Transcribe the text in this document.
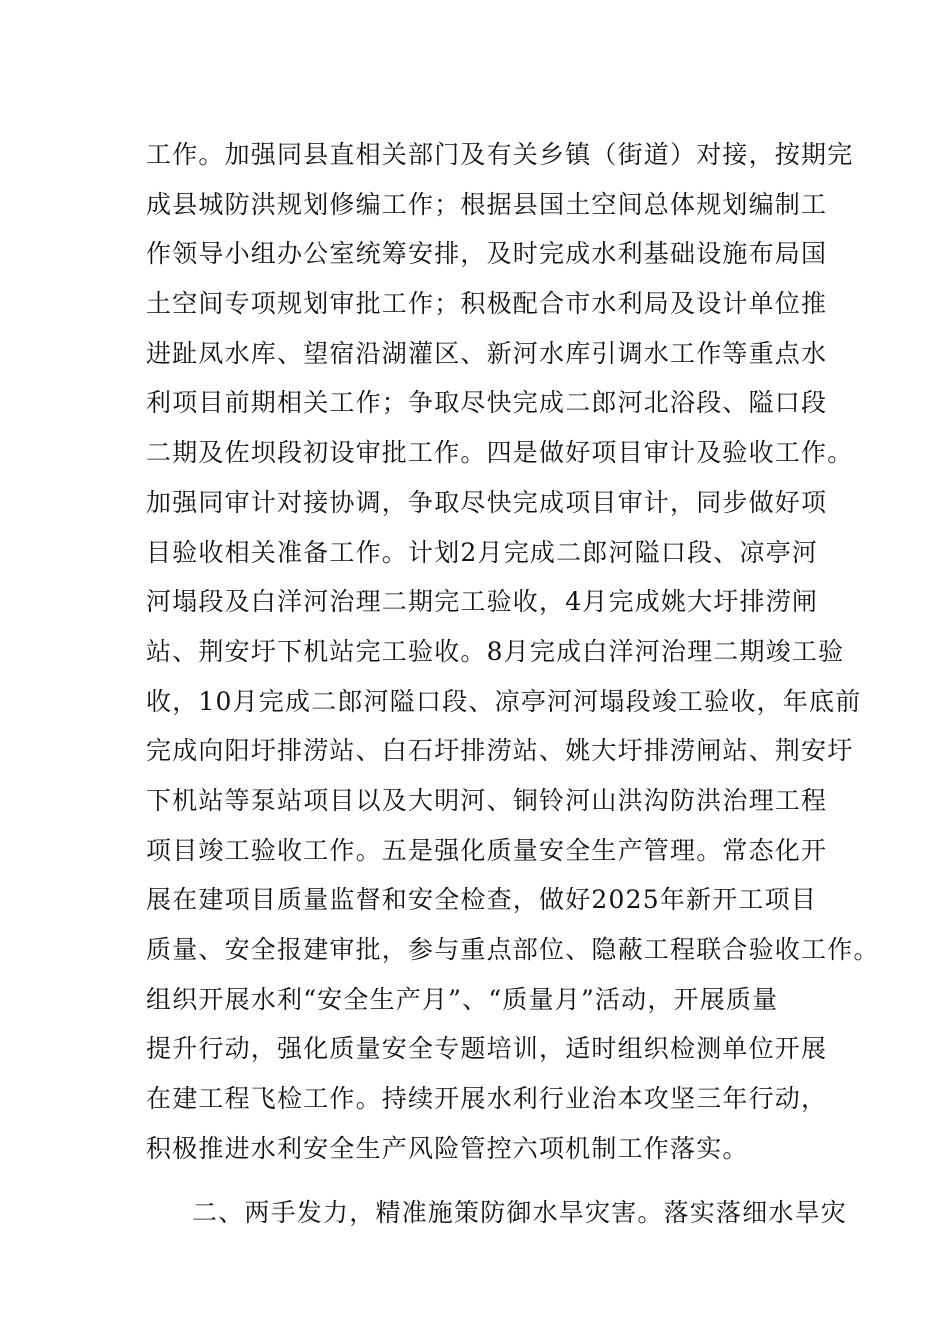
工作。加强同县直相关部门及有关乡镇（街道）对接，按期完
成县城防洪规划修编工作；根据县国土空间总体规划编制工
作领导小组办公室统筹安排，及时完成水利基础设施布局国
土空间专项规划审批工作；积极配合市水利局及设计单位推
进趾凤水库、望宿沿湖灌区、新河水库引调水工作等重点水
利项目前期相关工作；争取尽快完成二郎河北浴段、隘口段
二期及佐坝段初设审批工作。四是做好项目审计及验收工作。
加强同审计对接协调，争取尽快完成项目审计，同步做好项
目验收相关准备工作。计划2月完成二郎河隘口段、凉亭河
河塌段及白洋河治理二期完工验收，4月完成姚大圩排涝闸
站、荆安圩下机站完工验收。8月完成白洋河治理二期竣工验
收，10月完成二郎河隘口段、凉亭河河塌段竣工验收，年底前
完成向阳圩排涝站、白石圩排涝站、姚大圩排涝闸站、荆安圩
下机站等泵站项目以及大明河、铜铃河山洪沟防洪治理工程
项目竣工验收工作。五是强化质量安全生产管理。常态化开
展在建项目质量监督和安全检查，做好2025年新开工项目
质量、安全报建审批，参与重点部位、隐蔽工程联合验收工作。
组织开展水利“安全生产月”、“质量月”活动，开展质量
提升行动，强化质量安全专题培训，适时组织检测单位开展
在建工程飞检工作。持续开展水利行业治本攻坚三年行动，
积极推进水利安全生产风险管控六项机制工作落实。
二、两手发力，精准施策防御水旱灾害。落实落细水旱灾
